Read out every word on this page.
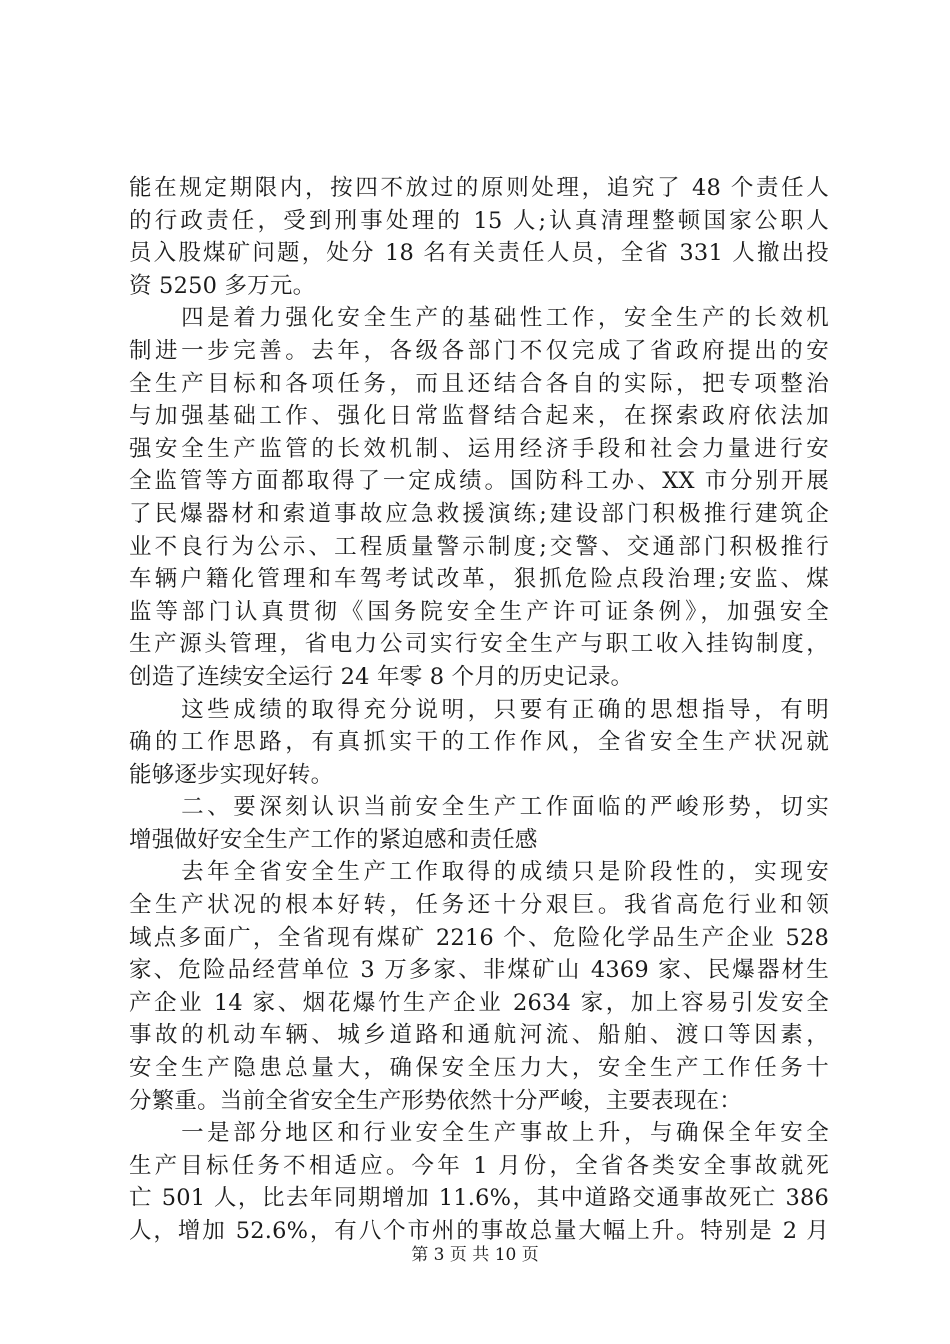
能在规定期限内，按四不放过的原则处理，追究了 48 个责任人
的行政责任，受到刑事处理的 15 人;认真清理整顿国家公职人
员入股煤矿问题，处分 18 名有关责任人员，全省 331 人撤出投
资 5250 多万元。
　　四是着力强化安全生产的基础性工作，安全生产的长效机
制进一步完善。去年，各级各部门不仅完成了省政府提出的安
全生产目标和各项任务，而且还结合各自的实际，把专项整治
与加强基础工作、强化日常监督结合起来，在探索政府依法加
强安全生产监管的长效机制、运用经济手段和社会力量进行安
全监管等方面都取得了一定成绩。国防科工办、XX 市分别开展
了民爆器材和索道事故应急救援演练;建设部门积极推行建筑企
业不良行为公示、工程质量警示制度;交警、交通部门积极推行
车辆户籍化管理和车驾考试改革，狠抓危险点段治理;安监、煤
监等部门认真贯彻《国务院安全生产许可证条例》，加强安全
生产源头管理，省电力公司实行安全生产与职工收入挂钩制度，
创造了连续安全运行 24 年零 8 个月的历史记录。
　　这些成绩的取得充分说明，只要有正确的思想指导，有明
确的工作思路，有真抓实干的工作作风，全省安全生产状况就
能够逐步实现好转。
　　二、要深刻认识当前安全生产工作面临的严峻形势，切实
增强做好安全生产工作的紧迫感和责任感
　　去年全省安全生产工作取得的成绩只是阶段性的，实现安
全生产状况的根本好转，任务还十分艰巨。我省高危行业和领
域点多面广，全省现有煤矿 2216 个、危险化学品生产企业 528
家、危险品经营单位 3 万多家、非煤矿山 4369 家、民爆器材生
产企业 14 家、烟花爆竹生产企业 2634 家，加上容易引发安全
事故的机动车辆、城乡道路和通航河流、船舶、渡口等因素，
安全生产隐患总量大，确保安全压力大，安全生产工作任务十
分繁重。当前全省安全生产形势依然十分严峻，主要表现在：
　　一是部分地区和行业安全生产事故上升，与确保全年安全
生产目标任务不相适应。今年 1 月份，全省各类安全事故就死
亡 501 人，比去年同期增加 11.6%，其中道路交通事故死亡 386
人，增加 52.6%，有八个市州的事故总量大幅上升。特别是 2 月
第 3 页 共 10 页
